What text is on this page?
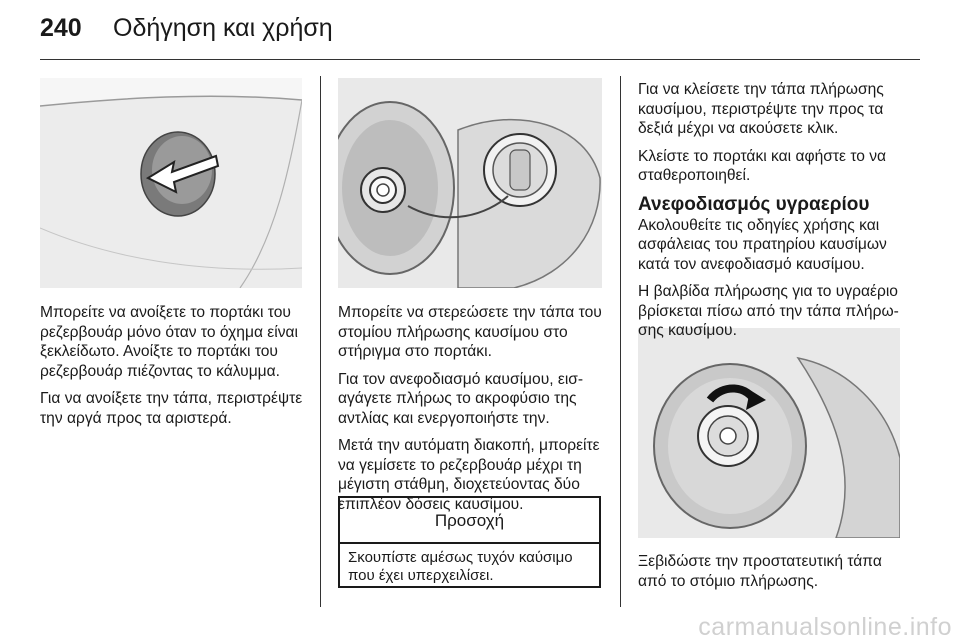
240 Οδήγηση και χρήση

Μπορείτε να ανοίξετε το πορτάκι του ρεζερβουάρ μόνο όταν το όχημα είναι ξεκλείδωτο. Ανοίξτε το πορτάκι του ρεζερβουάρ πιέζοντας το κάλυμμα.

Για να ανοίξετε την τάπα, περιστρέψτε την αργά προς τα αριστερά.

Μπορείτε να στερεώσετε την τάπα του στομίου πλήρωσης καυσίμου στο στήριγμα στο πορτάκι.

Για τον ανεφοδιασμό καυσίμου, εισ-αγάγετε πλήρως το ακροφύσιο της αντλίας και ενεργοποιήστε την.

Μετά την αυτόματη διακοπή, μπορείτε να γεμίσετε το ρεζερβουάρ μέχρι τη μέγιστη στάθμη, διοχετεύοντας δύο επιπλέον δόσεις καυσίμου.

Προσοχή
Σκουπίστε αμέσως τυχόν καύσιμο που έχει υπερχειλίσει.

Για να κλείσετε την τάπα πλήρωσης καυσίμου, περιστρέψτε την προς τα δεξιά μέχρι να ακούσετε κλικ.

Κλείστε το πορτάκι και αφήστε το να σταθεροποιηθεί.

Ανεφοδιασμός υγραερίου

Ακολουθείτε τις οδηγίες χρήσης και ασφάλειας του πρατηρίου καυσίμων κατά τον ανεφοδιασμό καυσίμου.

Η βαλβίδα πλήρωσης για το υγραέριο βρίσκεται πίσω από την τάπα πλήρω-σης καυσίμου.

Ξεβιδώστε την προστατευτική τάπα από το στόμιο πλήρωσης.

carmanualsonline.info
